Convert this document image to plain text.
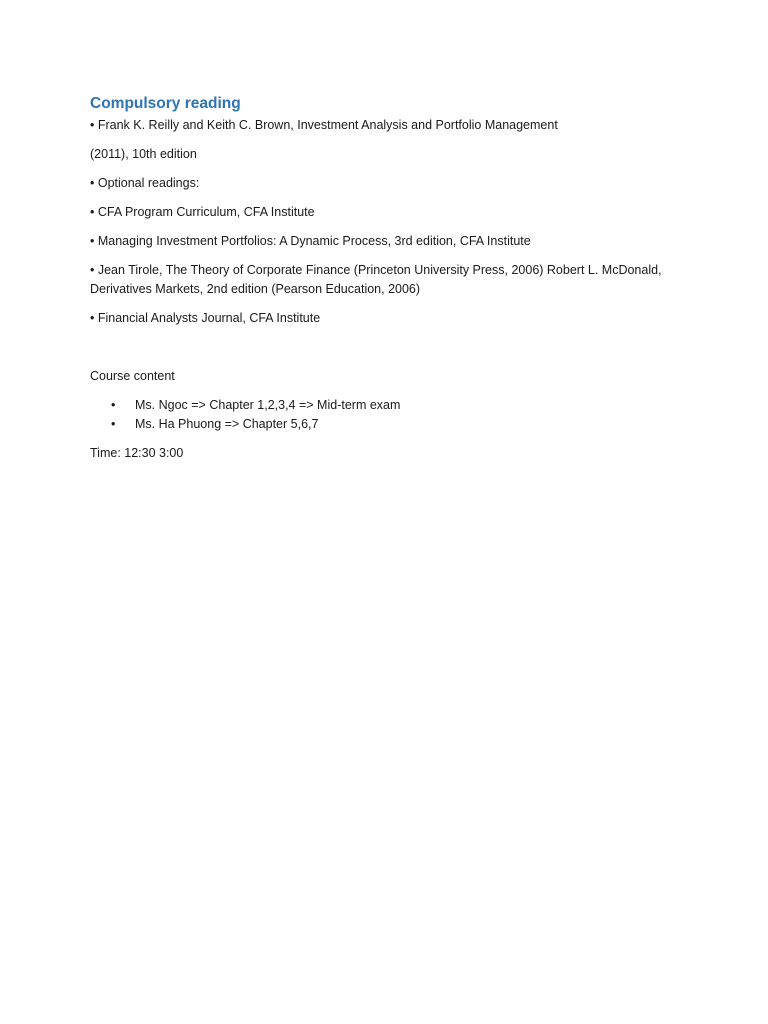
Compulsory reading
• Frank K. Reilly and Keith C. Brown, Investment Analysis and Portfolio Management
(2011), 10th edition
• Optional readings:
• CFA Program Curriculum, CFA Institute
• Managing Investment Portfolios: A Dynamic Process, 3rd edition, CFA Institute
• Jean Tirole, The Theory of Corporate Finance (Princeton University Press, 2006) Robert L. McDonald, Derivatives Markets, 2nd edition (Pearson Education, 2006)
• Financial Analysts Journal, CFA Institute
Course content
• Ms. Ngoc => Chapter 1,2,3,4 => Mid-term exam
• Ms. Ha Phuong => Chapter 5,6,7
Time: 12:30 3:00
